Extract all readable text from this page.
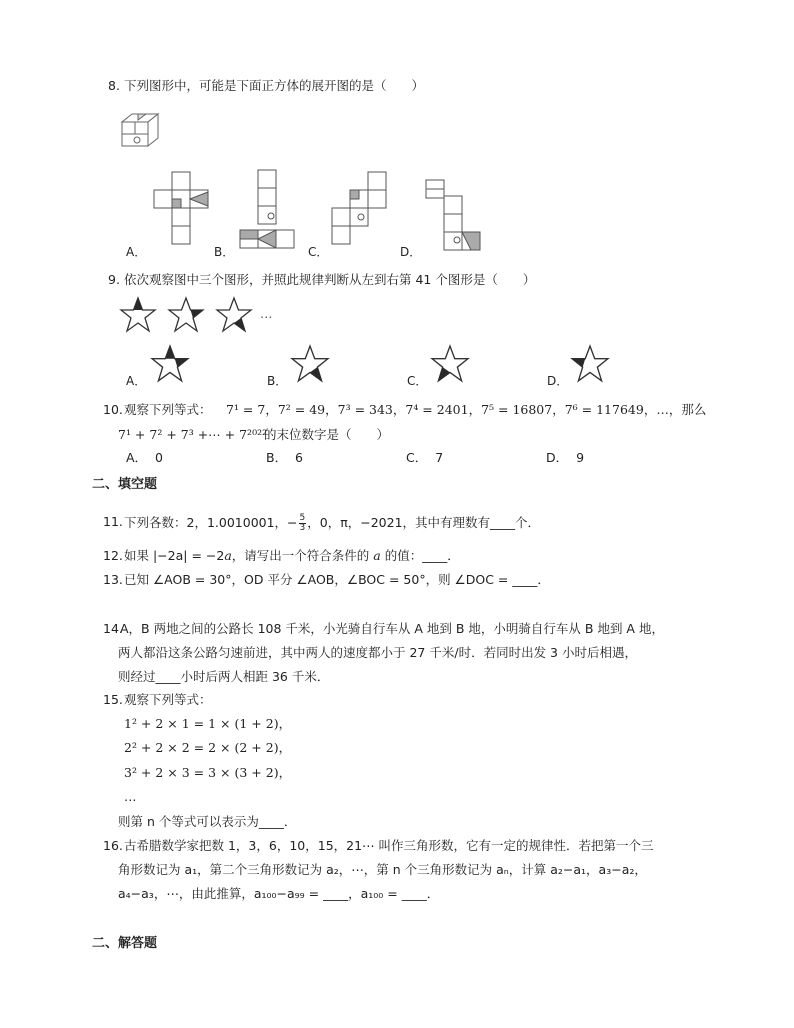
8. 下列图形中，可能是下面正方体的展开图的是（　　）
A．	B．	C．	D．
9. 依次观察图中三个图形，并照此规律判断从左到右第 41 个图形是（　　）
…
A．	B．	C．	D．
10. 观察下列等式： 7¹ = 7，7² = 49，7³ = 343，7⁴ = 2401，7⁵ = 16807，7⁶ = 117649，…，那么
7¹ + 7² + 7³ +⋯ + 7²⁰²²
的末位数字是（　　）
A． 0	B． 6	C． 7	D． 9
二、填空题
11. 下列各数：2，1.0010001，− $\frac{5}{3}$ ，0，π，−2021，其中有理数有____个．
12. 如果 |−2a| = −2a，请写出一个符合条件的 a 的值：____．
13. 已知 ∠AOB = 30°，OD 平分 ∠AOB，∠BOC = 50°，则 ∠DOC = ____．
14.
A，B 两地之间的公路长 108 千米，小光骑自行车从 A 地到 B 地，小明骑自行车从 B 地到 A 地，
两人都沿这条公路匀速前进，其中两人的速度都小于 27 千米/时．若同时出发 3 小时后相遇，
则经过____小时后两人相距 36 千米．
15. 观察下列等式：
1² + 2 × 1 = 1 × (1 + 2)，
2² + 2 × 2 = 2 × (2 + 2)，
3² + 2 × 3 = 3 × (3 + 2)，
…
则第 n 个等式可以表示为____．
16. 古希腊数学家把数 1，3，6，10，15，21⋯ 叫作三角形数，它有一定的规律性．若把第一个三
角形数记为 a₁，第二个三角形数记为 a₂，⋯，第 n 个三角形数记为 aₙ，计算 a₂−a₁，a₃−a₂，
a₄−a₃，⋯，由此推算，a₁₀₀−a₉₉ = ____，a₁₀₀ = ____．
二、解答题
